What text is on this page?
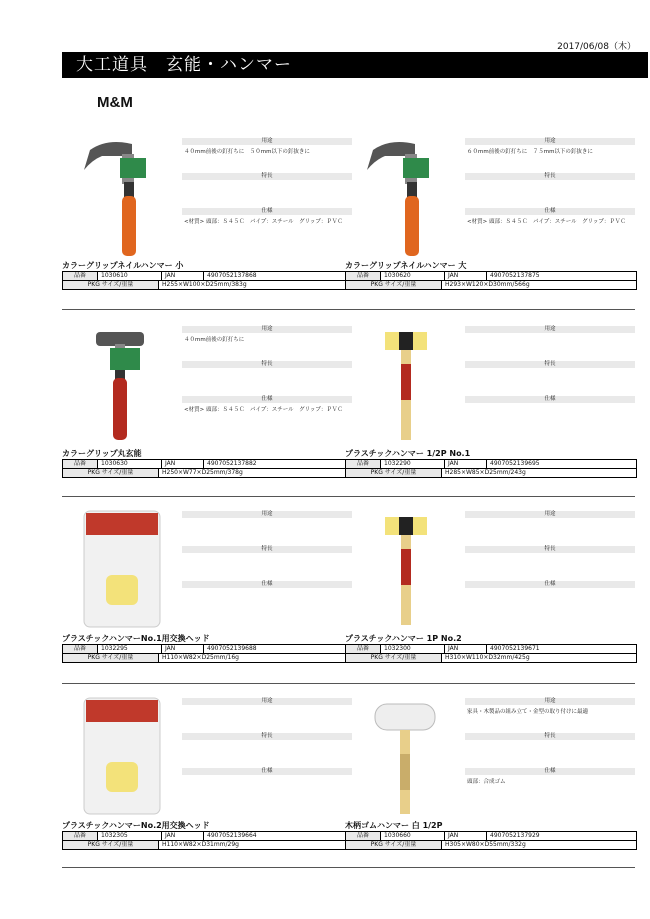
2017/06/08（木）
大工道具　玄能・ハンマー
M&M
用途
４０mm前後の釘打ちに　５０mm以下の釘抜きに
特長
仕様
<材質> 頭部：Ｓ４５Ｃ　パイプ：スチール　グリップ：ＰＶＣ
カラーグリップネイルハンマー 小
品番	1030610	JAN	4907052137868
PKG サイズ/重量	H255×W100×D25mm/383g
用途
６０mm前後の釘打ちに　７５mm以下の釘抜きに
特長
仕様
<材質> 頭部：Ｓ４５Ｃ　パイプ：スチール　グリップ：ＰＶＣ
カラーグリップネイルハンマー 大
品番	1030620	JAN	4907052137875
PKG サイズ/重量	H293×W120×D30mm/566g
用途
４０mm前後の釘打ちに
特長
仕様
<材質> 頭部：Ｓ４５Ｃ　パイプ：スチール　グリップ：ＰＶＣ
カラーグリップ丸玄能
品番	1030630	JAN	4907052137882
PKG サイズ/重量	H250×W77×D25mm/378g
用途
特長
仕様
プラスチックハンマー 1/2P No.1
品番	1032290	JAN	4907052139695
PKG サイズ/重量	H285×W85×D25mm/243g
用途
特長
仕様
プラスチックハンマーNo.1用交換ヘッド
品番	1032295	JAN	4907052139688
PKG サイズ/重量	H110×W82×D25mm/16g
用途
特長
仕様
プラスチックハンマー 1P No.2
品番	1032300	JAN	4907052139671
PKG サイズ/重量	H310×W110×D32mm/425g
用途
特長
仕様
プラスチックハンマーNo.2用交換ヘッド
品番	1032305	JAN	4907052139664
PKG サイズ/重量	H110×W82×D31mm/29g
用途
家具・木製品の組み立て・金型の取り付けに最適
特長
仕様
頭部：合成ゴム
木柄ゴムハンマー 白 1/2P
品番	1030660	JAN	4907052137929
PKG サイズ/重量	H305×W80×D55mm/332g
